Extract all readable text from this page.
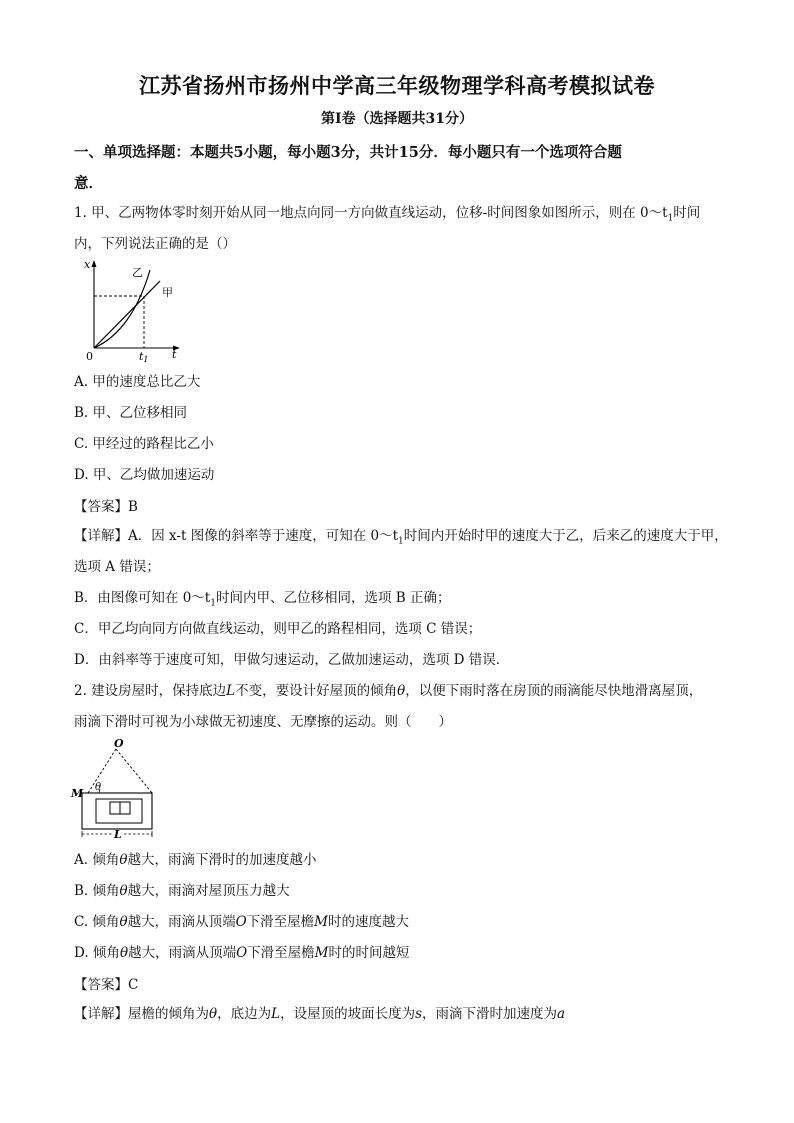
江苏省扬州市扬州中学高三年级物理学科高考模拟试卷
第Ⅰ卷（选择题共31分）
一、单项选择题：本题共5小题，每小题3分，共计15分．每小题只有一个选项符合题
意．
1. 甲、乙两物体零时刻开始从同一地点向同一方向做直线运动，位移-时间图象如图所示，则在 $0\sim t_1$时间
内，下列说法正确的是（）
x
t
0	t1
甲
乙
A. 甲的速度总比乙大
B. 甲、乙位移相同
C. 甲经过的路程比乙小
D. 甲、乙均做加速运动
【答案】B
【详解】A．因 x-t 图像的斜率等于速度，可知在 $0\sim t_1$时间内开始时甲的速度大于乙，后来乙的速度大于甲，
选项 A 错误；
B．由图像可知在 $0\sim t_1$时间内甲、乙位移相同，选项 B 正确；
C．甲乙均向同方向做直线运动，则甲乙的路程相同，选项 C 错误；
D．由斜率等于速度可知，甲做匀速运动，乙做加速运动，选项 D 错误．
2. 建设房屋时，保持底边L不变，要设计好屋顶的倾角θ，以便下雨时落在房顶的雨滴能尽快地滑离屋顶，
雨滴下滑时可视为小球做无初速度、无摩擦的运动。则（　　）
O
M θ
L
A. 倾角θ越大，雨滴下滑时的加速度越小
B. 倾角θ越大，雨滴对屋顶压力越大
C. 倾角θ越大，雨滴从顶端O下滑至屋檐M时的速度越大
D. 倾角θ越大，雨滴从顶端O下滑至屋檐M时的时间越短
【答案】C
【详解】屋檐的倾角为θ，底边为L，设屋顶的坡面长度为s，雨滴下滑时加速度为a
